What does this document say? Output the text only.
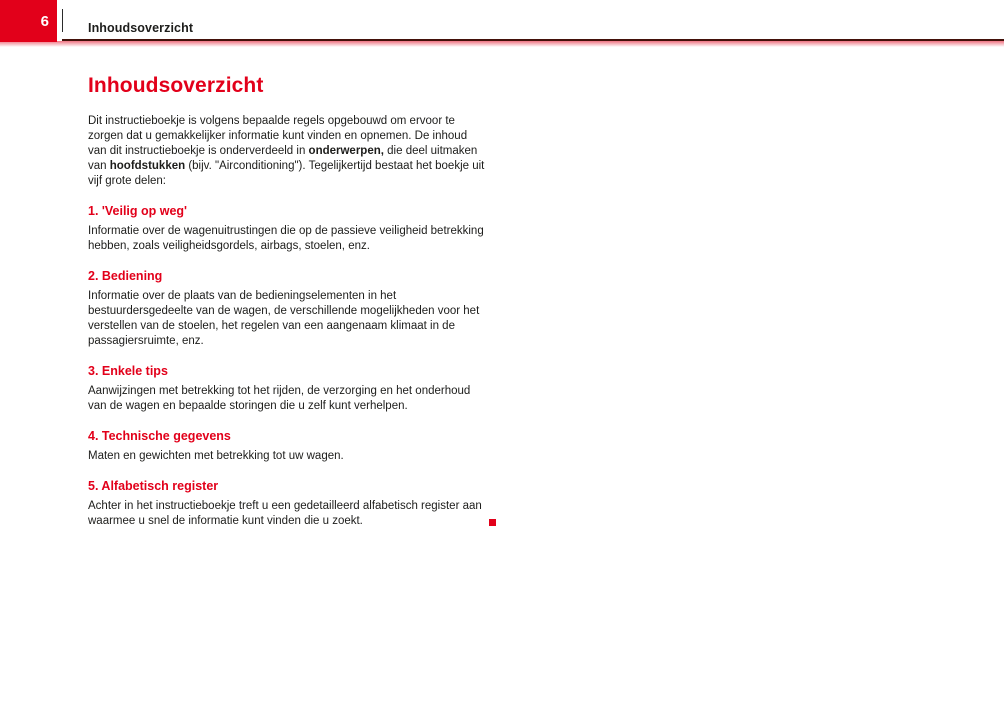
6	Inhoudsoverzicht
Inhoudsoverzicht

Dit instructieboekje is volgens bepaalde regels opgebouwd om ervoor te zorgen dat u gemakkelijker informatie kunt vinden en opnemen. De inhoud van dit instructieboekje is onderverdeeld in onderwerpen, die deel uitmaken van hoofdstukken (bijv. "Airconditioning"). Tegelijkertijd bestaat het boekje uit vijf grote delen:

1. 'Veilig op weg'

Informatie over de wagenuitrustingen die op de passieve veiligheid betrekking hebben, zoals veiligheidsgordels, airbags, stoelen, enz.

2. Bediening

Informatie over de plaats van de bedieningselementen in het bestuurdersgedeelte van de wagen, de verschillende mogelijkheden voor het verstellen van de stoelen, het regelen van een aangenaam klimaat in de passagiersruimte, enz.

3. Enkele tips

Aanwijzingen met betrekking tot het rijden, de verzorging en het onderhoud van de wagen en bepaalde storingen die u zelf kunt verhelpen.

4. Technische gegevens

Maten en gewichten met betrekking tot uw wagen.

5. Alfabetisch register

Achter in het instructieboekje treft u een gedetailleerd alfabetisch register aan waarmee u snel de informatie kunt vinden die u zoekt.
